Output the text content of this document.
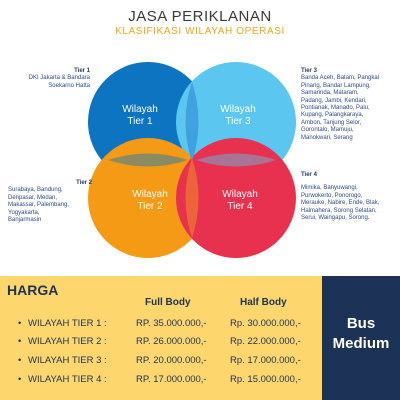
JASA PERIKLANAN
KLASIFIKASI WILAYAH OPERASI
Wilayah
Tier 1
Wilayah
Tier 3
Wilayah
Tier 2
Wilayah
Tier 4
Tier 1
DKI Jakarta & Bandara
Soekarno Hatta
Tier 2
Surabaya, Bandung,
Denpasar, Medan,
Makassar, Palembang,
Yogyakarta,
Banjarmasin
Tier 3
Banda Aceh, Batam, Pangkal
Pinang, Bandar Lampung,
Samarinda, Mataram,
Padang, Jambi, Kendari,
Pontianak, Manado, Palu,
Kupang, Palangkaraya,
Ambon, Tanjung Selor,
Gorontalo, Mamuju,
Manokwari, Serang
Tier 4
Mimika, Banyuwangi,
Purwokerto, Ponorogo,
Merauke, Nabire, Ende, Blak,
Halmahera, Sorong Selatan,
Serui, Waingapu, Sorong.
HARGA
Full Body	Half Body
• WILAYAH TIER 1 :	RP. 35.000.000,- Rp. 30.000.000,-
• WILAYAH TIER 2 :	RP. 26.000.000,- Rp. 22.000.000,-
• WILAYAH TIER 3 :	RP. 20.000.000,- Rp. 17.000.000,-
• WILAYAH TIER 4 :	RP. 17.000.000,- Rp. 15.000.000,-
Bus
Medium
